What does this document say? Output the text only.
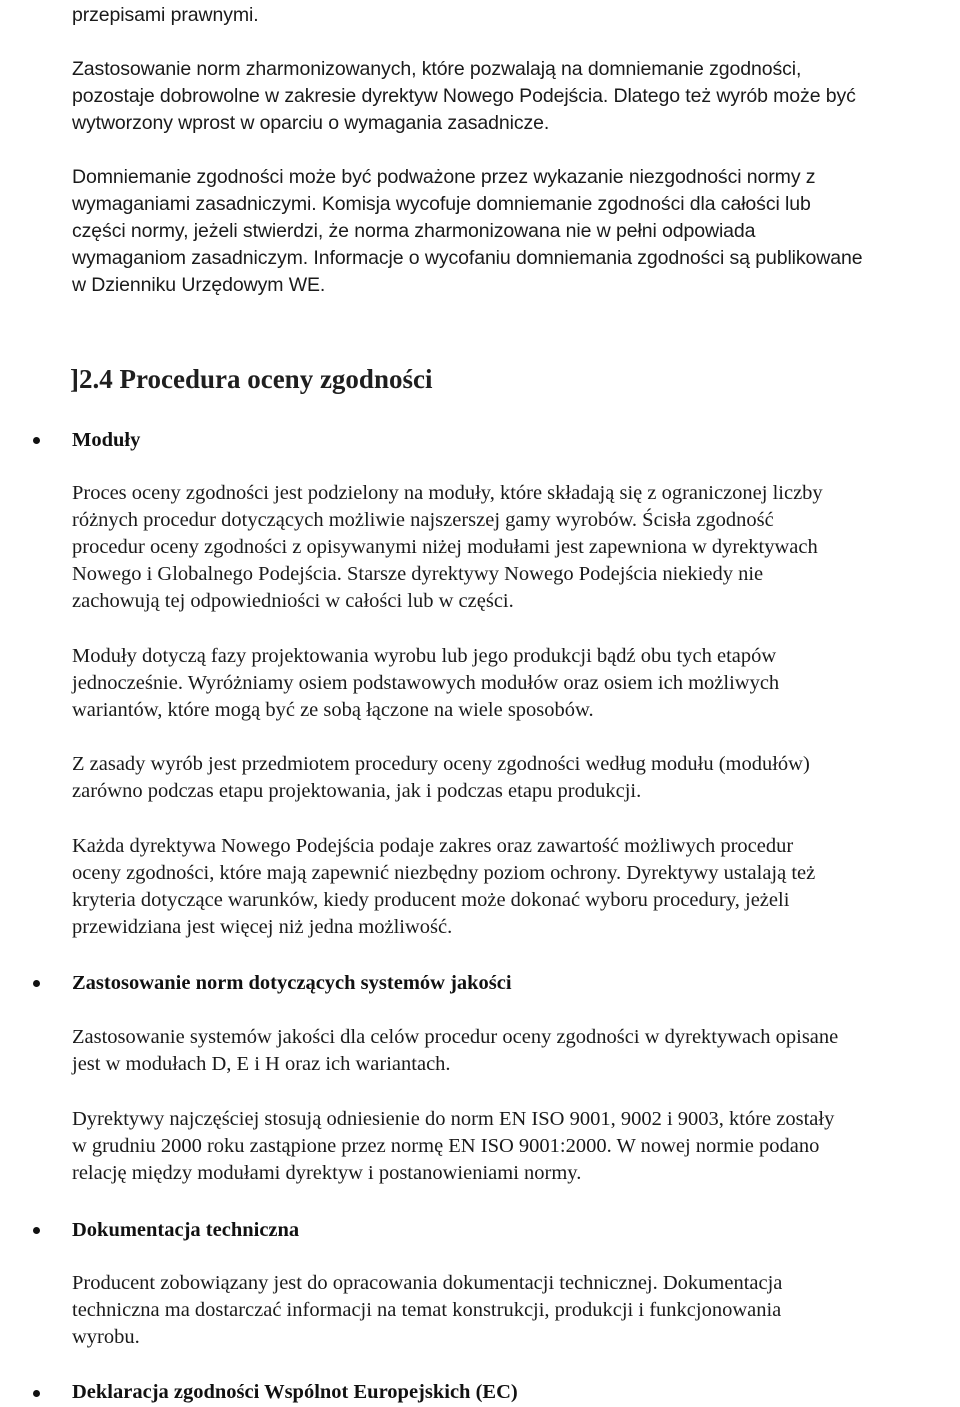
przepisami prawnymi.
Zastosowanie norm zharmonizowanych, które pozwalają na domniemanie zgodności,
pozostaje dobrowolne w zakresie dyrektyw Nowego Podejścia. Dlatego też wyrób może być
wytworzony wprost w oparciu o wymagania zasadnicze.
Domniemanie zgodności może być podważone przez wykazanie niezgodności normy z
wymaganiami zasadniczymi. Komisja wycofuje domniemanie zgodności dla całości lub
części normy, jeżeli stwierdzi, że norma zharmonizowana nie w pełni odpowiada
wymaganiom zasadniczym. Informacje o wycofaniu domniemania zgodności są publikowane
w Dzienniku Urzędowym WE.
]2.4 Procedura oceny zgodności
Moduły
Proces oceny zgodności jest podzielony na moduły, które składają się z ograniczonej liczby
różnych procedur dotyczących możliwie najszerszej gamy wyrobów. Ścisła zgodność
procedur oceny zgodności z opisywanymi niżej modułami jest zapewniona w dyrektywach
Nowego i Globalnego Podejścia. Starsze dyrektywy Nowego Podejścia niekiedy nie
zachowują tej odpowiedniości w całości lub w części.
Moduły dotyczą fazy projektowania wyrobu lub jego produkcji bądź obu tych etapów
jednocześnie. Wyróżniamy osiem podstawowych modułów oraz osiem ich możliwych
wariantów, które mogą być ze sobą łączone na wiele sposobów.
Z zasady wyrób jest przedmiotem procedury oceny zgodności według modułu (modułów)
zarówno podczas etapu projektowania, jak i podczas etapu produkcji.
Każda dyrektywa Nowego Podejścia podaje zakres oraz zawartość możliwych procedur
oceny zgodności, które mają zapewnić niezbędny poziom ochrony. Dyrektywy ustalają też
kryteria dotyczące warunków, kiedy producent może dokonać wyboru procedury, jeżeli
przewidziana jest więcej niż jedna możliwość.
Zastosowanie norm dotyczących systemów jakości
Zastosowanie systemów jakości dla celów procedur oceny zgodności w dyrektywach opisane
jest w modułach D, E i H oraz ich wariantach.
Dyrektywy najczęściej stosują odniesienie do norm EN ISO 9001, 9002 i 9003, które zostały
w grudniu 2000 roku zastąpione przez normę EN ISO 9001:2000. W nowej normie podano
relację między modułami dyrektyw i postanowieniami normy.
Dokumentacja techniczna
Producent zobowiązany jest do opracowania dokumentacji technicznej. Dokumentacja
techniczna ma dostarczać informacji na temat konstrukcji, produkcji i funkcjonowania
wyrobu.
Deklaracja zgodności Wspólnot Europejskich (EC)
